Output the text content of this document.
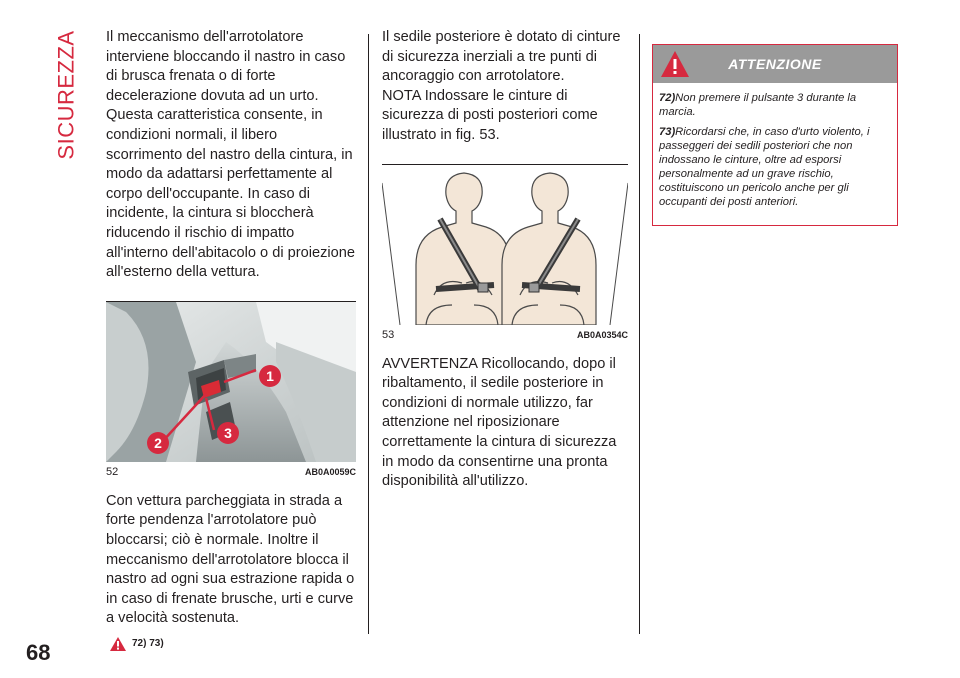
SICUREZZA Il meccanismo dell'arrotolatore interviene bloccando il nastro in caso di brusca frenata o di forte decelerazione dovuta ad un urto. Questa caratteristica consente, in condizioni normali, il libero scorrimento del nastro della cintura, in modo da adattarsi perfettamente al corpo dell'occupante. In caso di incidente, la cintura si bloccherà riducendo il rischio di impatto all'interno dell'abitacolo o di proiezione all'esterno della vettura.

1
2
3
52	AB0A0059C

Con vettura parcheggiata in strada a forte pendenza l'arrotolatore può bloccarsi; ciò è normale. Inoltre il meccanismo dell'arrotolatore blocca il nastro ad ogni sua estrazione rapida o in caso di frenate brusche, urti e curve a velocità sostenuta.

72) 73)

Il sedile posteriore è dotato di cinture di sicurezza inerziali a tre punti di ancoraggio con arrotolatore.

NOTA Indossare le cinture di sicurezza di posti posteriori come illustrato in fig. 53.

53	AB0A0354C

AVVERTENZA Ricollocando, dopo il ribaltamento, il sedile posteriore in condizioni di normale utilizzo, far attenzione nel riposizionare correttamente la cintura di sicurezza in modo da consentirne una pronta disponibilità all'utilizzo.

ATTENZIONE

72)Non premere il pulsante 3 durante la marcia.

73)Ricordarsi che, in caso d'urto violento, i passeggeri dei sedili posteriori che non indossano le cinture, oltre ad esporsi personalmente ad un grave rischio, costituiscono un pericolo anche per gli occupanti dei posti anteriori.

68
